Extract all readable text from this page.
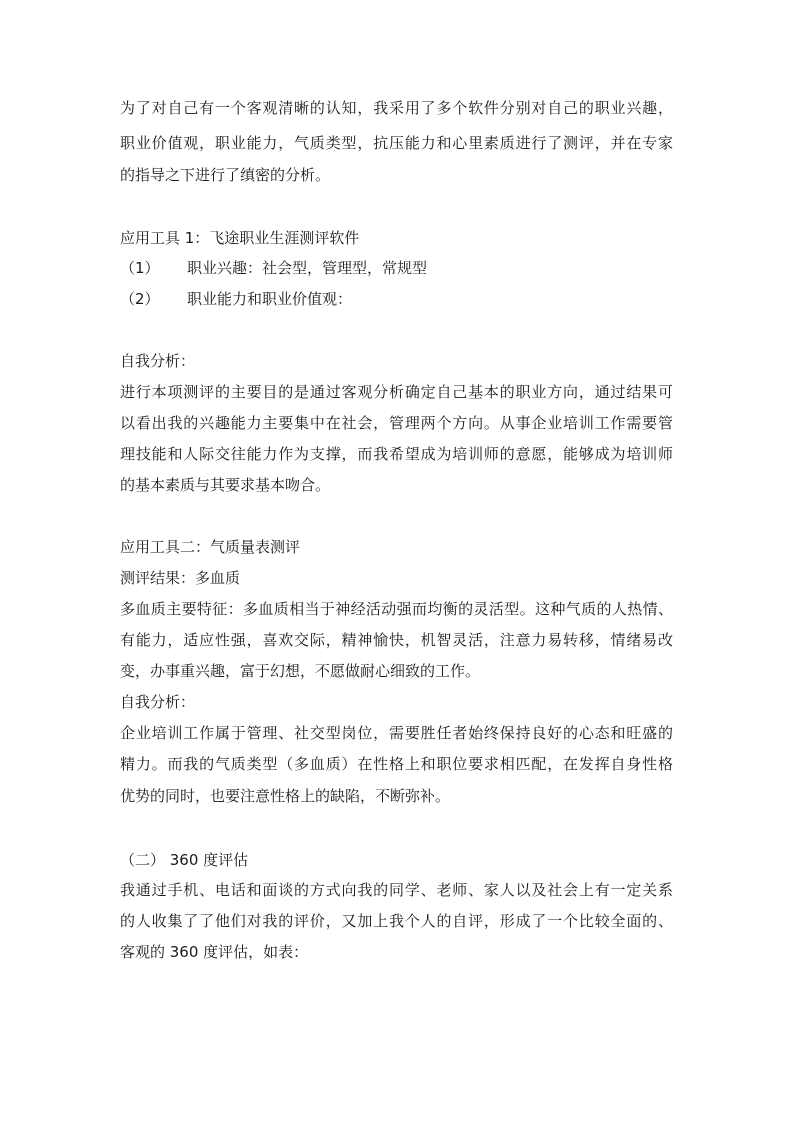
为了对自己有一个客观清晰的认知，我采用了多个软件分别对自己的职业兴趣，
职业价值观，职业能力，气质类型，抗压能力和心里素质进行了测评，并在专家
的指导之下进行了缜密的分析。
应用工具 1：飞途职业生涯测评软件
（1） 职业兴趣：社会型，管理型，常规型
（2） 职业能力和职业价值观：
自我分析：
进行本项测评的主要目的是通过客观分析确定自己基本的职业方向，通过结果可
以看出我的兴趣能力主要集中在社会，管理两个方向。从事企业培训工作需要管
理技能和人际交往能力作为支撑，而我希望成为培训师的意愿，能够成为培训师
的基本素质与其要求基本吻合。
应用工具二：气质量表测评
测评结果：多血质
多血质主要特征：多血质相当于神经活动强而均衡的灵活型。这种气质的人热情、
有能力，适应性强，喜欢交际，精神愉快，机智灵活，注意力易转移，情绪易改
变，办事重兴趣，富于幻想，不愿做耐心细致的工作。
自我分析：
企业培训工作属于管理、社交型岗位，需要胜任者始终保持良好的心态和旺盛的
精力。而我的气质类型（多血质）在性格上和职位要求相匹配，在发挥自身性格
优势的同时，也要注意性格上的缺陷，不断弥补。
（二） 360 度评估
我通过手机、电话和面谈的方式向我的同学、老师、家人以及社会上有一定关系
的人收集了了他们对我的评价，又加上我个人的自评，形成了一个比较全面的、
客观的 360 度评估，如表：
